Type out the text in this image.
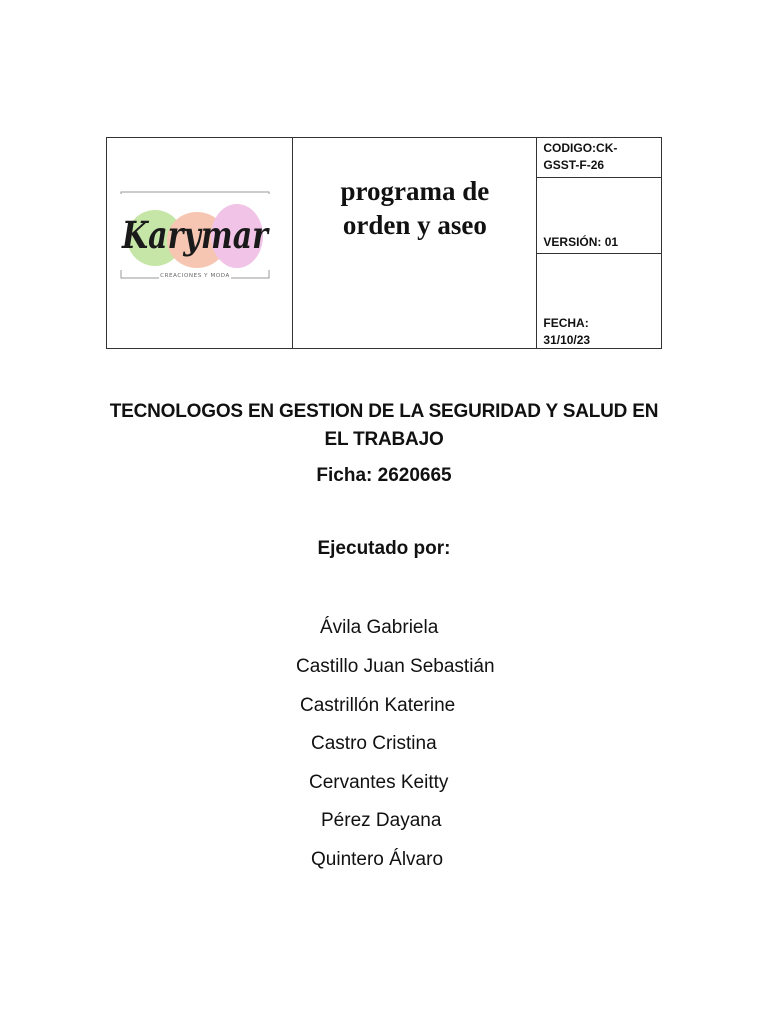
Karymar
CREACIONES Y MODA

programa de
orden y aseo

CODIGO:CK-
GSST-F-26
VERSIÓN: 01
FECHA:
31/10/23
TECNOLOGOS EN GESTION DE LA SEGURIDAD Y SALUD EN EL TRABAJO
Ficha: 2620665
Ejecutado por:
Ávila Gabriela
Castillo Juan Sebastián
Castrillón Katerine
Castro Cristina
Cervantes Keitty
Pérez Dayana
Quintero Álvaro
